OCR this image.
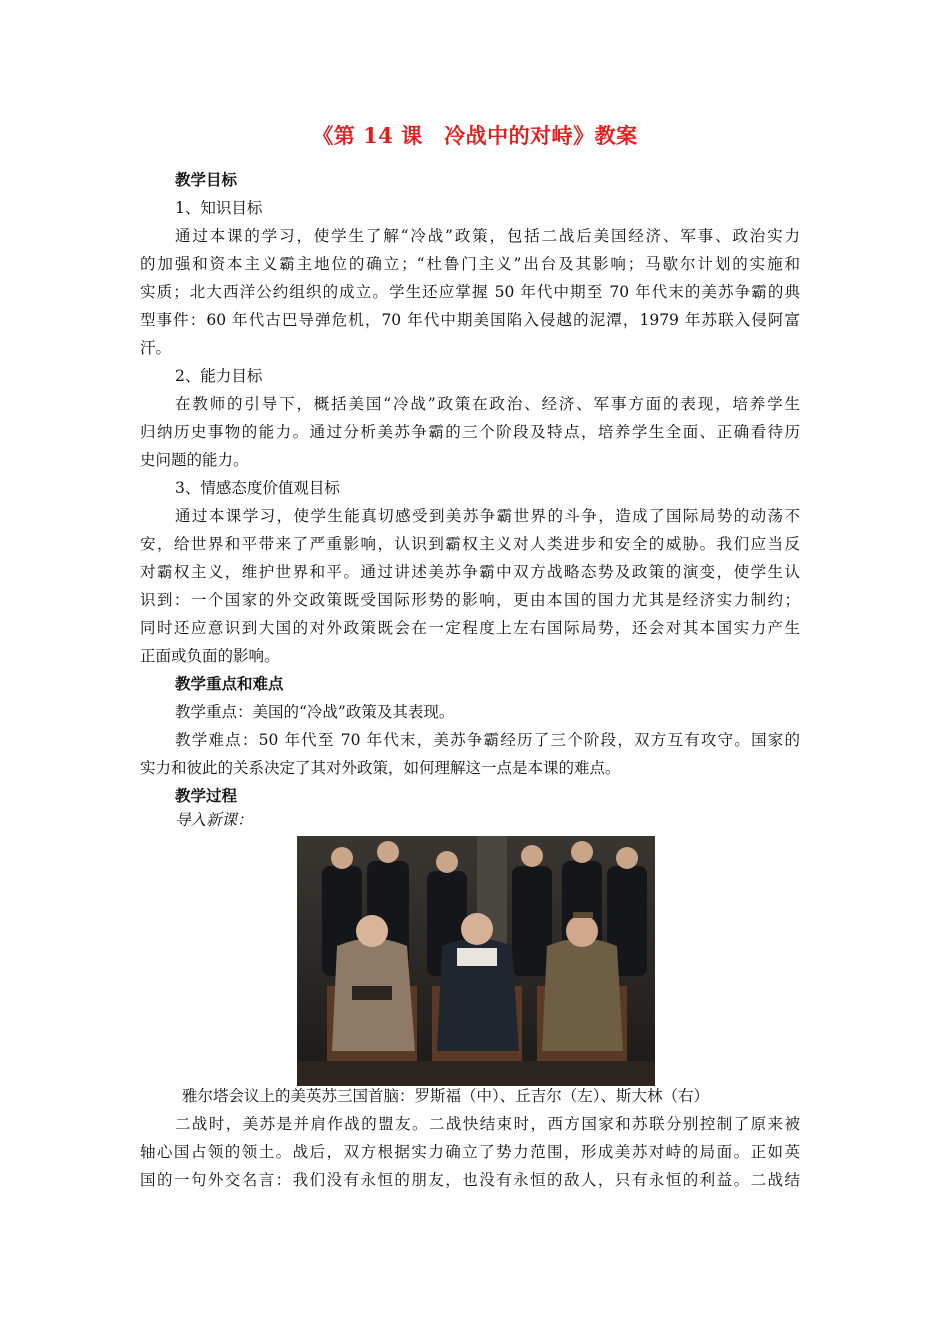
《第 14 课　冷战中的对峙》教案
教学目标
1、知识目标
通过本课的学习，使学生了解“冷战”政策，包括二战后美国经济、军事、政治实力
的加强和资本主义霸主地位的确立；“杜鲁门主义”出台及其影响；马歇尔计划的实施和
实质；北大西洋公约组织的成立。学生还应掌握 50 年代中期至 70 年代末的美苏争霸的典
型事件：60 年代古巴导弹危机，70 年代中期美国陷入侵越的泥潭，1979 年苏联入侵阿富
汗。
2、能力目标
在教师的引导下，概括美国“冷战”政策在政治、经济、军事方面的表现，培养学生
归纳历史事物的能力。通过分析美苏争霸的三个阶段及特点，培养学生全面、正确看待历
史问题的能力。
3、情感态度价值观目标
通过本课学习，使学生能真切感受到美苏争霸世界的斗争，造成了国际局势的动荡不
安，给世界和平带来了严重影响，认识到霸权主义对人类进步和安全的威胁。我们应当反
对霸权主义，维护世界和平。通过讲述美苏争霸中双方战略态势及政策的演变，使学生认
识到：一个国家的外交政策既受国际形势的影响，更由本国的国力尤其是经济实力制约；
同时还应意识到大国的对外政策既会在一定程度上左右国际局势，还会对其本国实力产生
正面或负面的影响。
教学重点和难点
教学重点：美国的“冷战”政策及其表现。
教学难点：50 年代至 70 年代末，美苏争霸经历了三个阶段，双方互有攻守。国家的
实力和彼此的关系决定了其对外政策，如何理解这一点是本课的难点。
教学过程
导入新课：
雅尔塔会议上的美英苏三国首脑：罗斯福（中）、丘吉尔（左）、斯大林（右）
二战时，美苏是并肩作战的盟友。二战快结束时，西方国家和苏联分别控制了原来被
轴心国占领的领土。战后，双方根据实力确立了势力范围，形成美苏对峙的局面。正如英
国的一句外交名言：我们没有永恒的朋友，也没有永恒的敌人，只有永恒的利益。二战结
